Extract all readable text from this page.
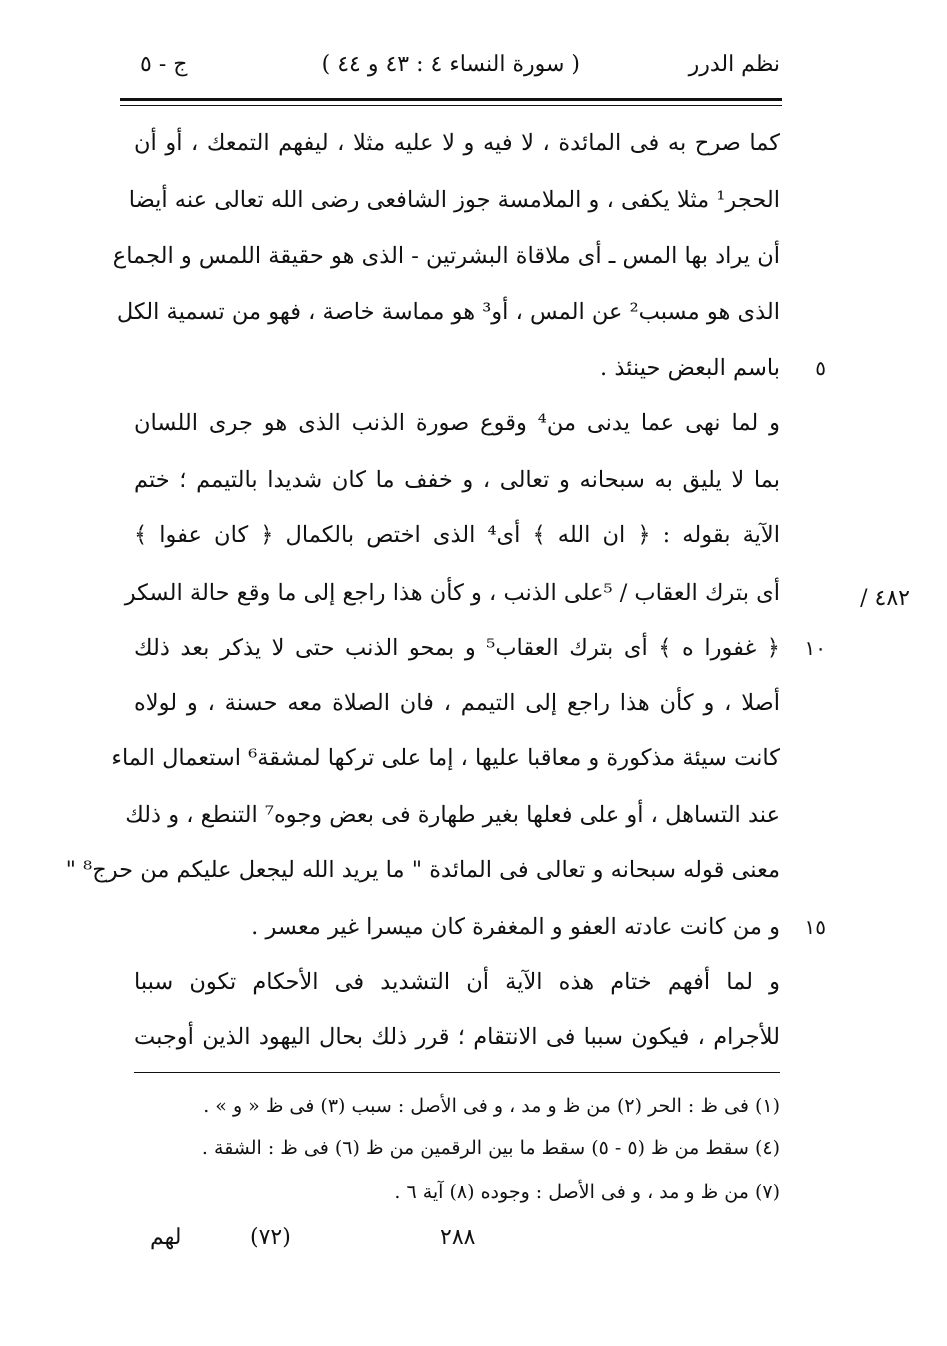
نظم الدرر
( سورة النساء ٤ : ٤٣ و ٤٤ )
ج - ٥
كما صرح به فى المائدة ، لا فيه و لا عليه مثلا ، ليفهم التمعك ، أو أن
الحجر¹ مثلا يكفى ، و الملامسة جوز الشافعى رضى الله تعالى عنه أيضا
أن يراد بها المس ـ أى ملاقاة البشرتين - الذى هو حقيقة اللمس و الجماع
الذى هو مسبب² عن المس ، أو³ هو مماسة خاصة ، فهو من تسمية الكل
باسم البعض حينئذ .	٥
و لما نهى عما يدنى من⁴ وقوع صورة الذنب الذى هو جرى اللسان
بما لا يليق به سبحانه و تعالى ، و خفف ما كان شديدا بالتيمم ؛ ختم
الآية بقوله : ﴿ ان الله ﴾ أى⁴ الذى اختص بالكمال ﴿ كان عفوا ﴾
أى بترك العقاب / ⁵على الذنب ، و كأن هذا راجع إلى ما وقع حالة السكر	٤٨٢ /
﴿ غفورا ه ﴾ أى بترك العقاب⁵ و بمحو الذنب حتى لا يذكر بعد ذلك	١٠
أصلا ، و كأن هذا راجع إلى التيمم ، فان الصلاة معه حسنة ، و لولاه
كانت سيئة مذكورة و معاقبا عليها ، إما على تركها لمشقة⁶ استعمال الماء
عند التساهل ، أو على فعلها بغير طهارة فى بعض وجوه⁷ التنطع ، و ذلك
معنى قوله سبحانه و تعالى فى المائدة " ما يريد الله ليجعل عليكم من حرج⁸ "
و من كانت عادته العفو و المغفرة كان ميسرا غير معسر .	١٥
و لما أفهم ختام هذه الآية أن التشديد فى الأحكام تكون سببا
للأجرام ، فيكون سببا فى الانتقام ؛ قرر ذلك بحال اليهود الذين أوجبت
(١) فى ظ : الحر (٢) من ظ و مد ، و فى الأصل : سبب (٣) فى ظ « و » .
(٤) سقط من ظ (٥ - ٥) سقط ما بين الرقمين من ظ (٦) فى ظ : الشقة .
(٧) من ظ و مد ، و فى الأصل : وجوده (٨) آية ٦ .
٢٨٨
(٧٢)
لهم
